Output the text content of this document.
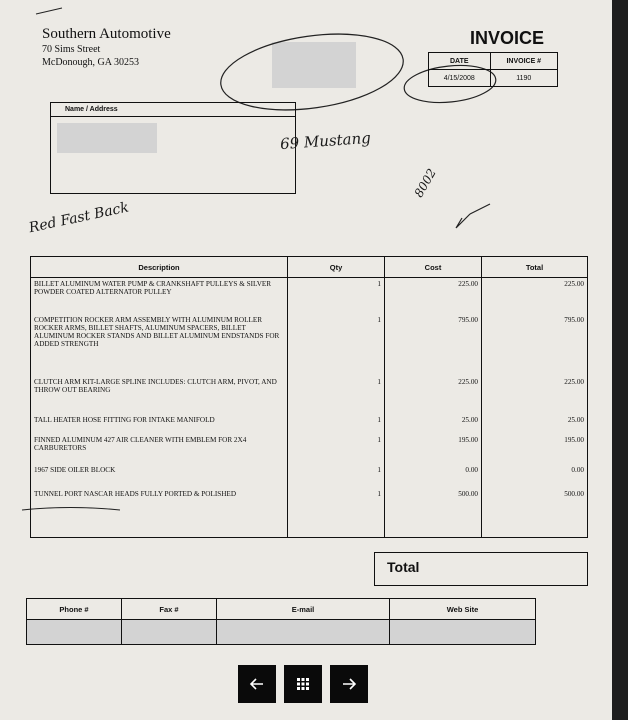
Southern Automotive
70 Sims Street
McDonough, GA 30253
INVOICE
DATE	INVOICE #
4/15/2008	1190
Name / Address
69 Mustang
Red Fast Back
8002
Description	Qty	Cost	Total
BILLET ALUMINUM WATER PUMP & CRANKSHAFT PULLEYS & SILVER POWDER COATED ALTERNATOR PULLEY	1	225.00	225.00
COMPETITION ROCKER ARM ASSEMBLY WITH ALUMINUM ROLLER ROCKER ARMS, BILLET SHAFTS, ALUMINUM SPACERS, BILLET ALUMINUM ROCKER STANDS AND BILLET ALUMINUM ENDSTANDS FOR ADDED STRENGTH	1	795.00	795.00
CLUTCH ARM KIT-LARGE SPLINE INCLUDES: CLUTCH ARM, PIVOT, AND THROW OUT BEARING	1	225.00	225.00
TALL HEATER HOSE FITTING FOR INTAKE MANIFOLD	1	25.00	25.00
FINNED ALUMINUM 427 AIR CLEANER WITH EMBLEM FOR 2X4 CARBURETORS	1	195.00	195.00
1967 SIDE OILER BLOCK	1	0.00	0.00
TUNNEL PORT NASCAR HEADS FULLY PORTED & POLISHED	1	500.00	500.00
Total
Phone #	Fax #	E-mail	Web Site
